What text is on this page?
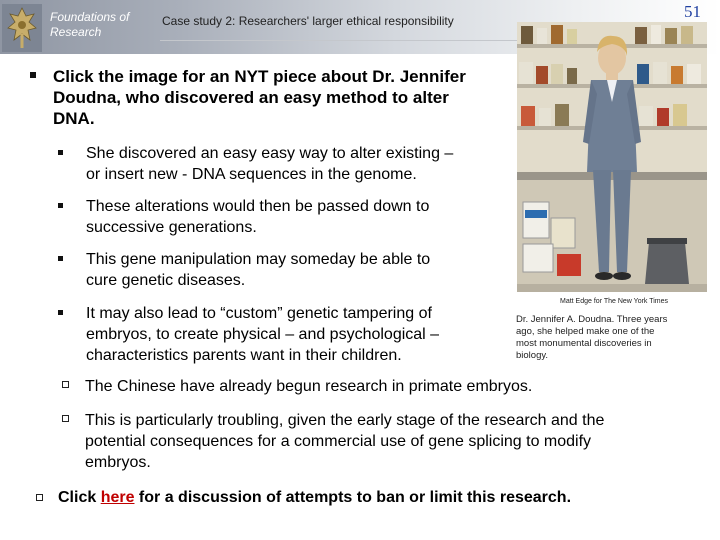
Foundations of
Research
Case study 2: Researchers' larger ethical responsibility	51
Click the image for an NYT piece about Dr. Jennifer
Doudna, who discovered an easy method to alter
DNA.
She discovered an easy easy way to alter existing –
or insert new - DNA sequences in the genome.
These alterations would then be passed down to
successive generations.
This gene manipulation may someday be able to
cure genetic diseases.
It may also lead to “custom” genetic tampering of
embryos, to create physical – and psychological –
characteristics parents want in their children.
Matt Edge for The New York Times
Dr. Jennifer A. Doudna. Three years
ago, she helped make one of the
most monumental discoveries in
biology.
The Chinese have already begun research in primate embryos.
This is particularly troubling, given the early stage of the research and the
potential consequences for a commercial use of gene splicing to modify
embryos.
Click here for a discussion of attempts to ban or limit this research.
